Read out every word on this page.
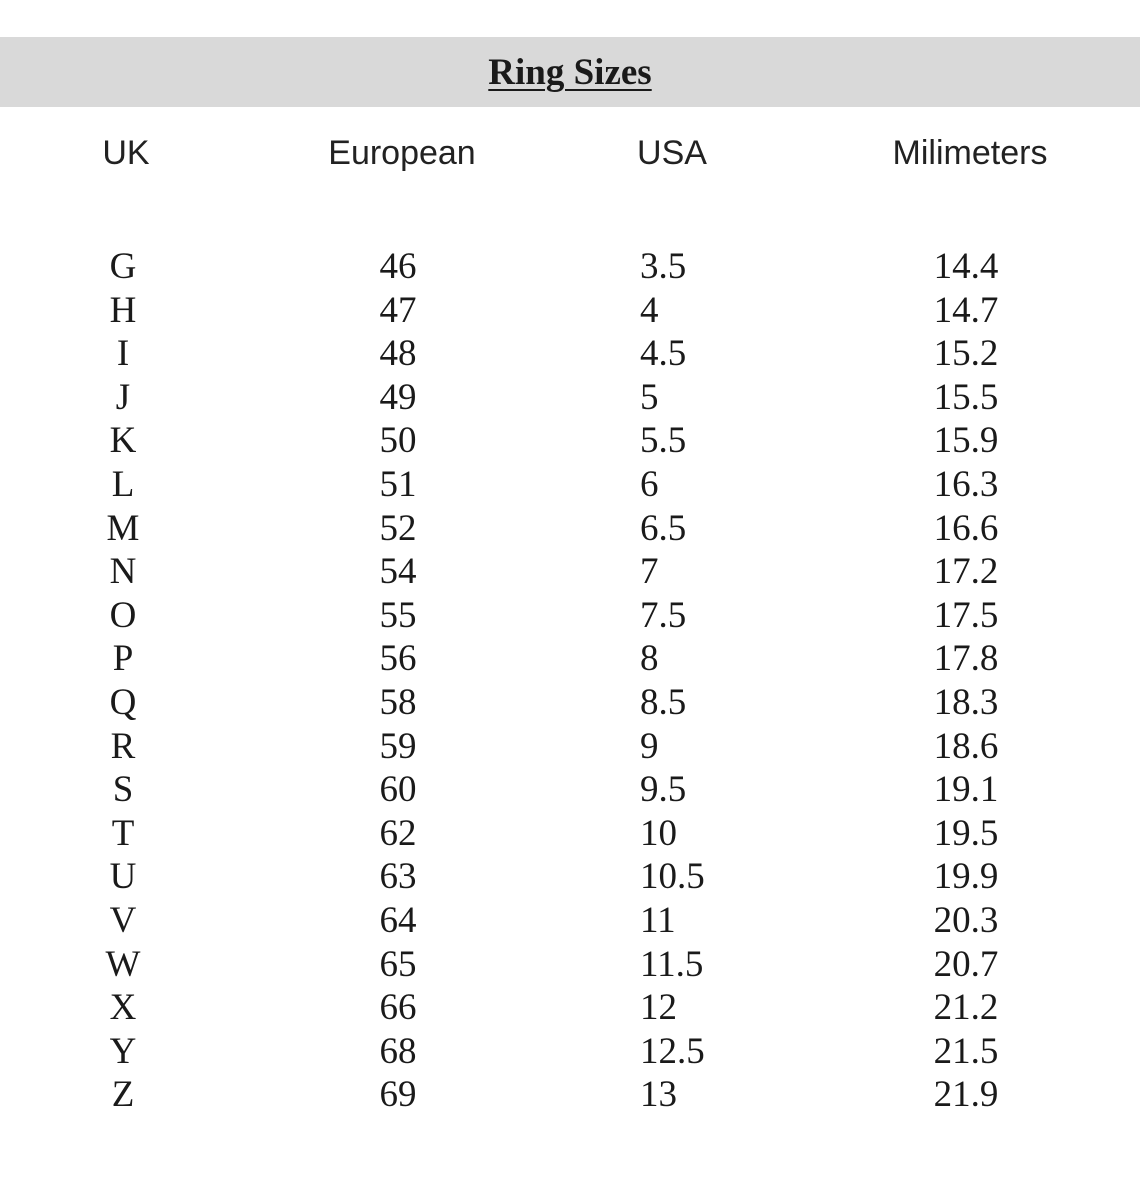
Ring Sizes
UK	European	USA	Milimeters
G	46	3.5	14.4
H	47	4	14.7
I	48	4.5	15.2
J	49	5	15.5
K	50	5.5	15.9
L	51	6	16.3
M	52	6.5	16.6
N	54	7	17.2
O	55	7.5	17.5
P	56	8	17.8
Q	58	8.5	18.3
R	59	9	18.6
S	60	9.5	19.1
T	62	10	19.5
U	63	10.5	19.9
V	64	11	20.3
W	65	11.5	20.7
X	66	12	21.2
Y	68	12.5	21.5
Z	69	13	21.9
